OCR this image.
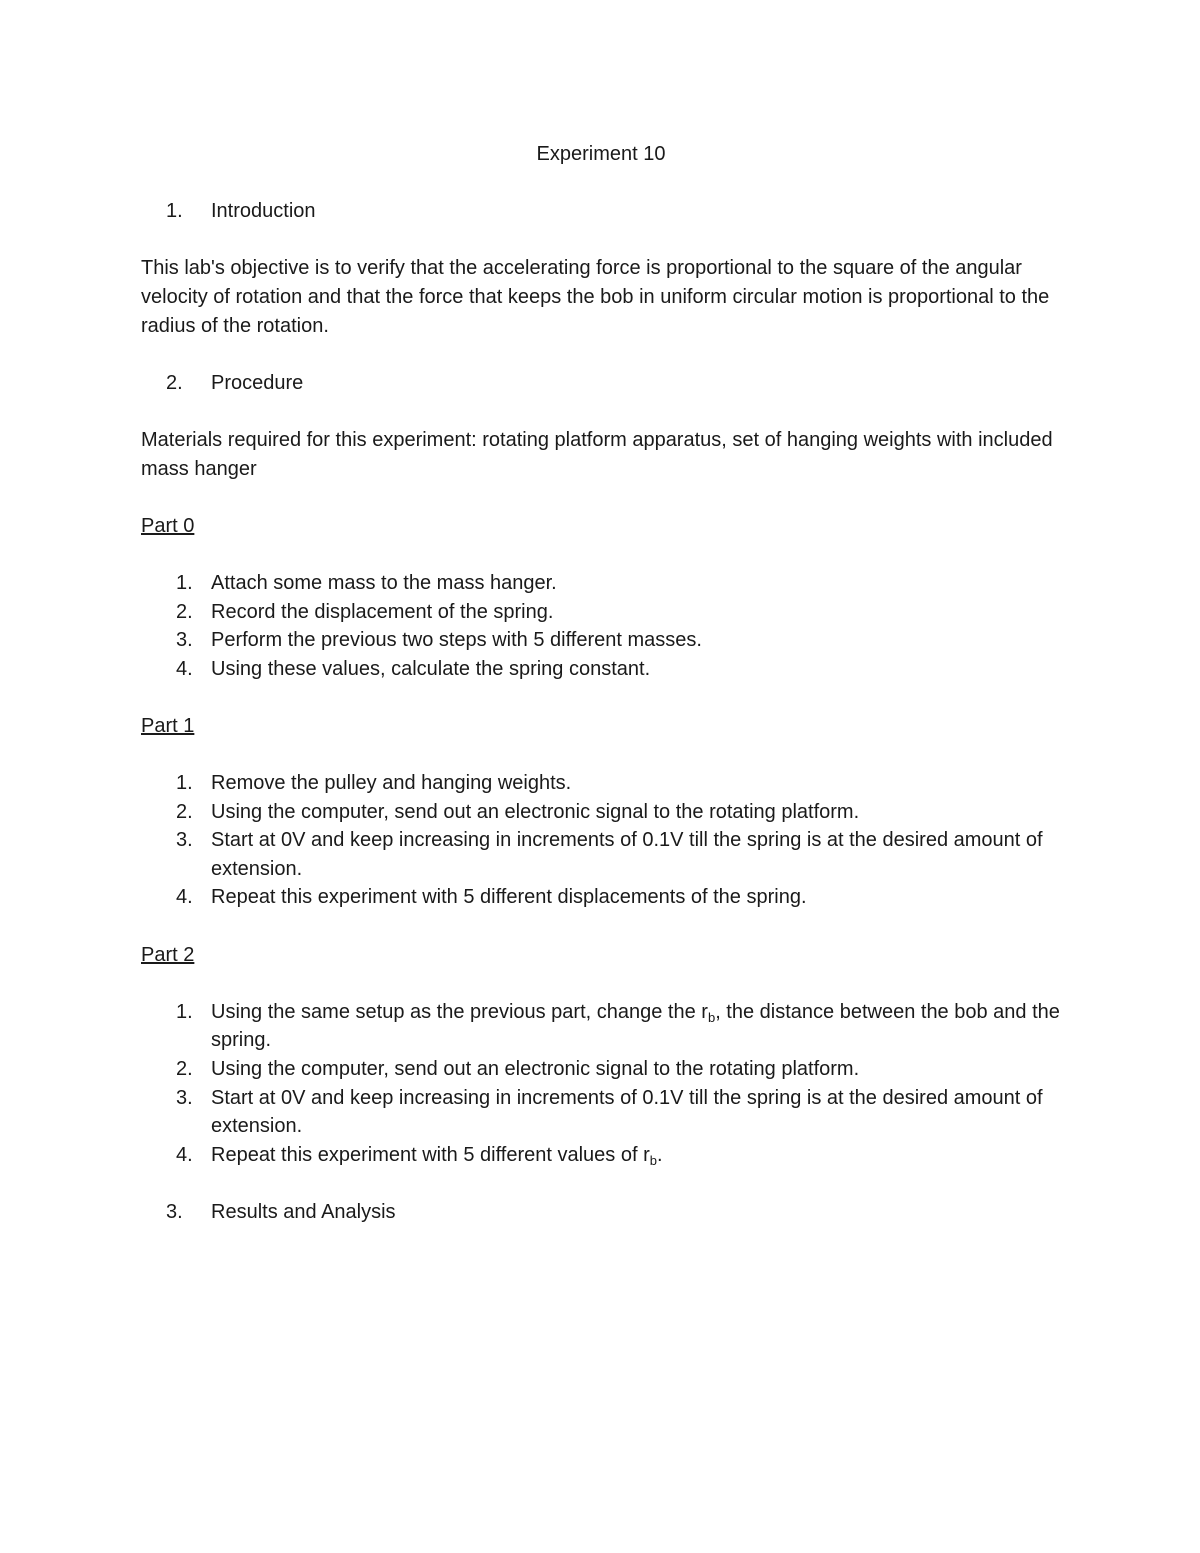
Experiment 10
1.	Introduction
This lab's objective is to verify that the accelerating force is proportional to the square of the angular velocity of rotation and that the force that keeps the bob in uniform circular motion is proportional to the radius of the rotation.
2.	Procedure
Materials required for this experiment: rotating platform apparatus, set of hanging weights with included mass hanger
Part 0
1. Attach some mass to the mass hanger.
2. Record the displacement of the spring.
3. Perform the previous two steps with 5 different masses.
4. Using these values, calculate the spring constant.
Part 1
1. Remove the pulley and hanging weights.
2. Using the computer, send out an electronic signal to the rotating platform.
3. Start at 0V and keep increasing in increments of 0.1V till the spring is at the desired amount of extension.
4. Repeat this experiment with 5 different displacements of the spring.
Part 2
1. Using the same setup as the previous part, change the $r_b$, the distance between the bob and the spring.
2. Using the computer, send out an electronic signal to the rotating platform.
3. Start at 0V and keep increasing in increments of 0.1V till the spring is at the desired amount of extension.
4. Repeat this experiment with 5 different values of $r_b$.
3.	Results and Analysis
